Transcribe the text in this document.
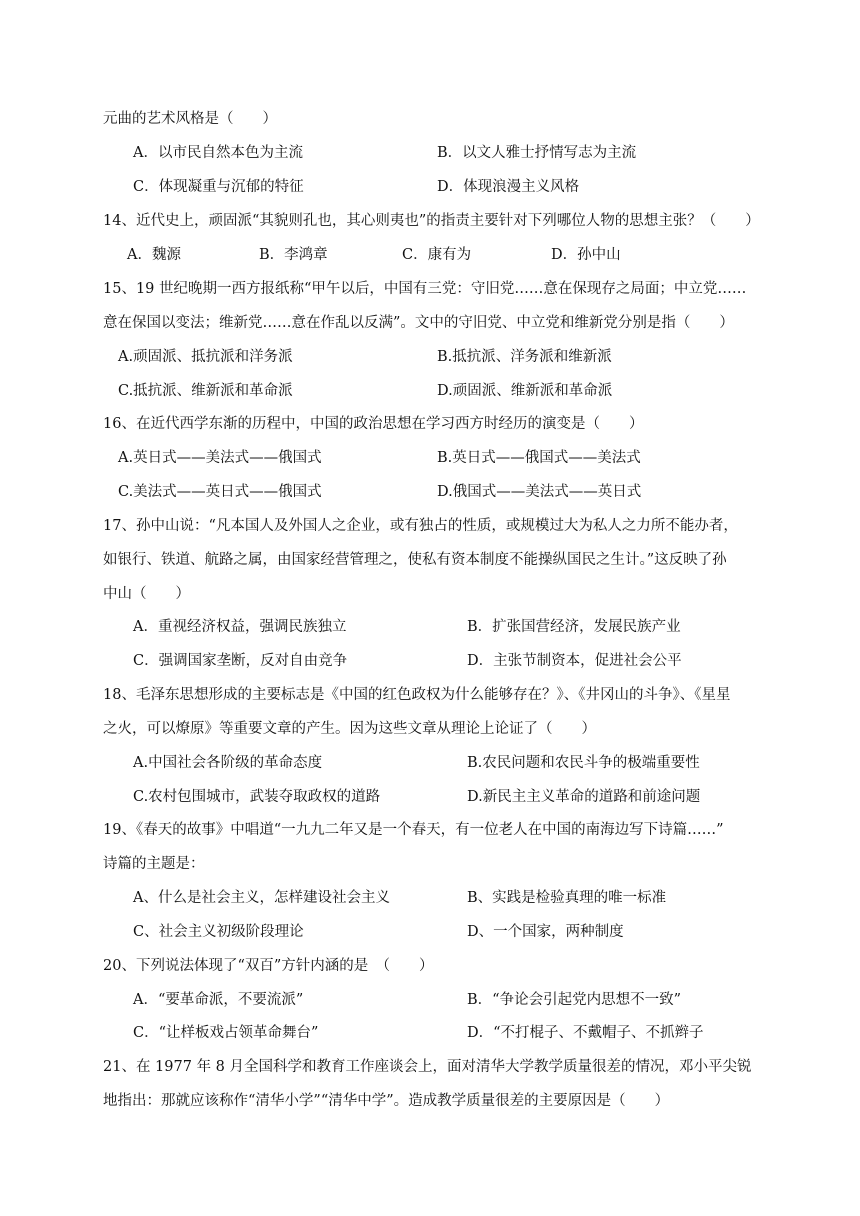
元曲的艺术风格是（　　）
A．以市民自然本色为主流	B．以文人雅士抒情写志为主流
C．体现凝重与沉郁的特征	D．体现浪漫主义风格
14、近代史上，顽固派“其貌则孔也，其心则夷也”的指责主要针对下列哪位人物的思想主张？（　　）
A．魏源	B．李鸿章	C．康有为	D．孙中山
15、19 世纪晚期一西方报纸称“甲午以后，中国有三党：守旧党……意在保现存之局面；中立党……
意在保国以变法；维新党……意在作乱以反满”。文中的守旧党、中立党和维新党分别是指（　　）
A.顽固派、抵抗派和洋务派	B.抵抗派、洋务派和维新派
C.抵抗派、维新派和革命派	D.顽固派、维新派和革命派
16、在近代西学东渐的历程中，中国的政治思想在学习西方时经历的演变是（　　）
A.英日式——美法式——俄国式	B.英日式——俄国式——美法式
C.美法式——英日式——俄国式	D.俄国式——美法式——英日式
17、孙中山说：“凡本国人及外国人之企业，或有独占的性质，或规模过大为私人之力所不能办者，
如银行、铁道、航路之属，由国家经营管理之，使私有资本制度不能操纵国民之生计。”这反映了孙
中山（　　）
A．重视经济权益，强调民族独立	B．扩张国营经济，发展民族产业
C．强调国家垄断，反对自由竞争	D．主张节制资本，促进社会公平
18、毛泽东思想形成的主要标志是《中国的红色政权为什么能够存在？》、《井冈山的斗争》、《星星
之火，可以燎原》等重要文章的产生。因为这些文章从理论上论证了（　　）
A.中国社会各阶级的革命态度	B.农民问题和农民斗争的极端重要性
C.农村包围城市，武装夺取政权的道路	D.新民主主义革命的道路和前途问题
19、《春天的故事》中唱道“一九九二年又是一个春天，有一位老人在中国的南海边写下诗篇……”
诗篇的主题是：
A、什么是社会主义，怎样建设社会主义	B、实践是检验真理的唯一标准
C、社会主义初级阶段理论	D、一个国家，两种制度
20、下列说法体现了“双百”方针内涵的是　（　　）
A．“要革命派，不要流派”	B．“争论会引起党内思想不一致”
C．“让样板戏占领革命舞台”	D．“不打棍子、不戴帽子、不抓辫子
21、在 1977 年 8 月全国科学和教育工作座谈会上，面对清华大学教学质量很差的情况，邓小平尖锐
地指出：那就应该称作“清华小学”“清华中学”。造成教学质量很差的主要原因是（　　）
